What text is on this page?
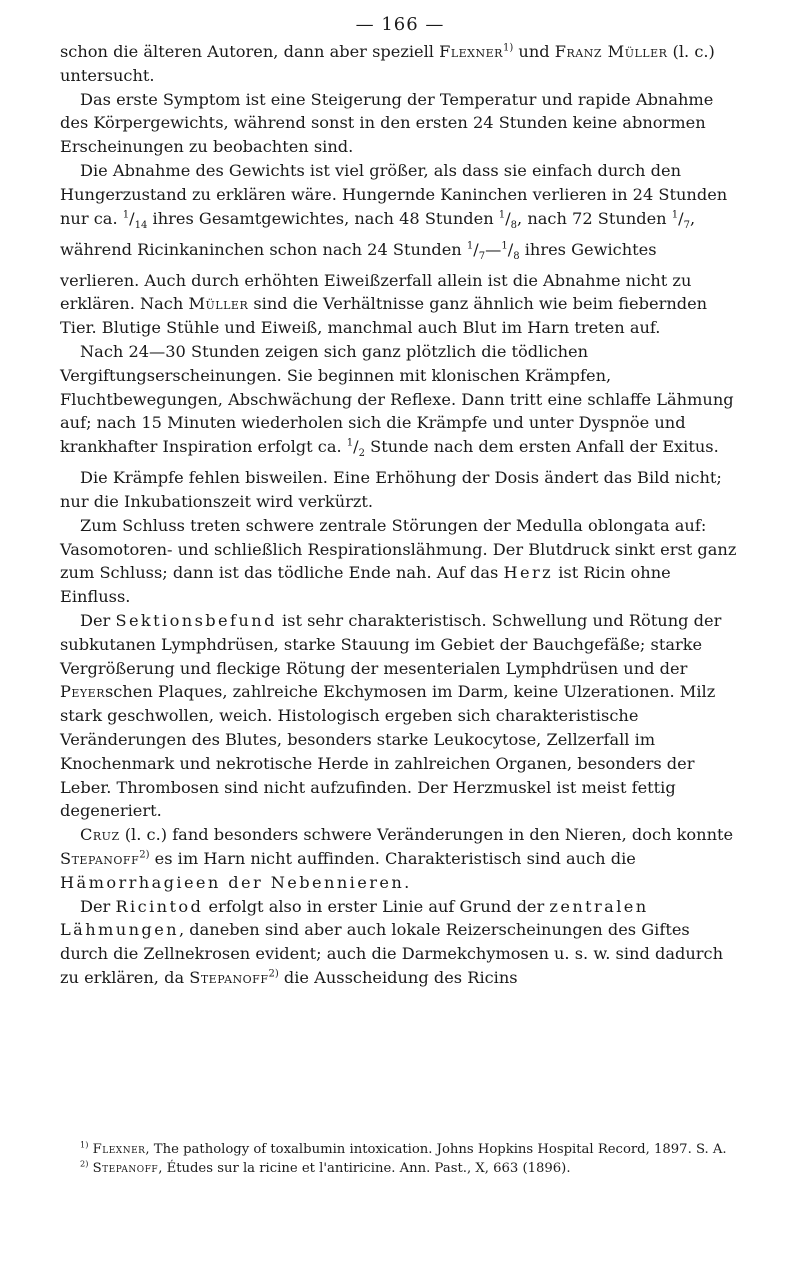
— 166 —

schon die älteren Autoren, dann aber speziell Flexner$^{1)}$ und Franz Müller (l. c.) untersucht.

Das erste Symptom ist eine Steigerung der Temperatur und rapide Abnahme des Körpergewichts, während sonst in den ersten 24 Stunden keine abnormen Erscheinungen zu beobachten sind.

Die Abnahme des Gewichts ist viel größer, als dass sie einfach durch den Hungerzustand zu erklären wäre. Hungernde Kaninchen verlieren in 24 Stunden nur ca. $^1/_{14}$ ihres Gesamtgewichtes, nach 48 Stunden $^1/_8$, nach 72 Stunden $^1/_7$, während Ricinkaninchen schon nach 24 Stunden $^1/_7—^1/_8$ ihres Gewichtes verlieren. Auch durch erhöhten Eiweißzerfall allein ist die Abnahme nicht zu erklären. Nach Müller sind die Verhältnisse ganz ähnlich wie beim fiebernden Tier. Blutige Stühle und Eiweiß, manchmal auch Blut im Harn treten auf.

Nach 24—30 Stunden zeigen sich ganz plötzlich die tödlichen Vergiftungserscheinungen. Sie beginnen mit klonischen Krämpfen, Fluchtbewegungen, Abschwächung der Reflexe. Dann tritt eine schlaffe Lähmung auf; nach 15 Minuten wiederholen sich die Krämpfe und unter Dyspnöe und krankhafter Inspiration erfolgt ca. $^1/_2$ Stunde nach dem ersten Anfall der Exitus.

Die Krämpfe fehlen bisweilen. Eine Erhöhung der Dosis ändert das Bild nicht; nur die Inkubationszeit wird verkürzt.

Zum Schluss treten schwere zentrale Störungen der Medulla oblongata auf: Vasomotoren- und schließlich Respirationslähmung. Der Blutdruck sinkt erst ganz zum Schluss; dann ist das tödliche Ende nah. Auf das Herz ist Ricin ohne Einfluss.

Der Sektionsbefund ist sehr charakteristisch. Schwellung und Rötung der subkutanen Lymphdrüsen, starke Stauung im Gebiet der Bauchgefäße; starke Vergrößerung und fleckige Rötung der mesenterialen Lymphdrüsen und der Peyerschen Plaques, zahlreiche Ekchymosen im Darm, keine Ulzerationen. Milz stark geschwollen, weich. Histologisch ergeben sich charakteristische Veränderungen des Blutes, besonders starke Leukocytose, Zellzerfall im Knochenmark und nekrotische Herde in zahlreichen Organen, besonders der Leber. Thrombosen sind nicht aufzufinden. Der Herzmuskel ist meist fettig degeneriert.

Cruz (l. c.) fand besonders schwere Veränderungen in den Nieren, doch konnte Stepanoff$^{2)}$ es im Harn nicht auffinden. Charakteristisch sind auch die Hämorrhagieen der Nebennieren.

Der Ricintod erfolgt also in erster Linie auf Grund der zentralen Lähmungen, daneben sind aber auch lokale Reizerscheinungen des Giftes durch die Zellnekrosen evident; auch die Darmekchymosen u. s. w. sind dadurch zu erklären, da Stepanoff$^{2)}$ die Ausscheidung des Ricins

$^{1)}$ Flexner, The pathology of toxalbumin intoxication. Johns Hopkins Hospital Record, 1897. S. A.

$^{2)}$ Stepanoff, Études sur la ricine et l'antiricine. Ann. Past., X, 663 (1896).
